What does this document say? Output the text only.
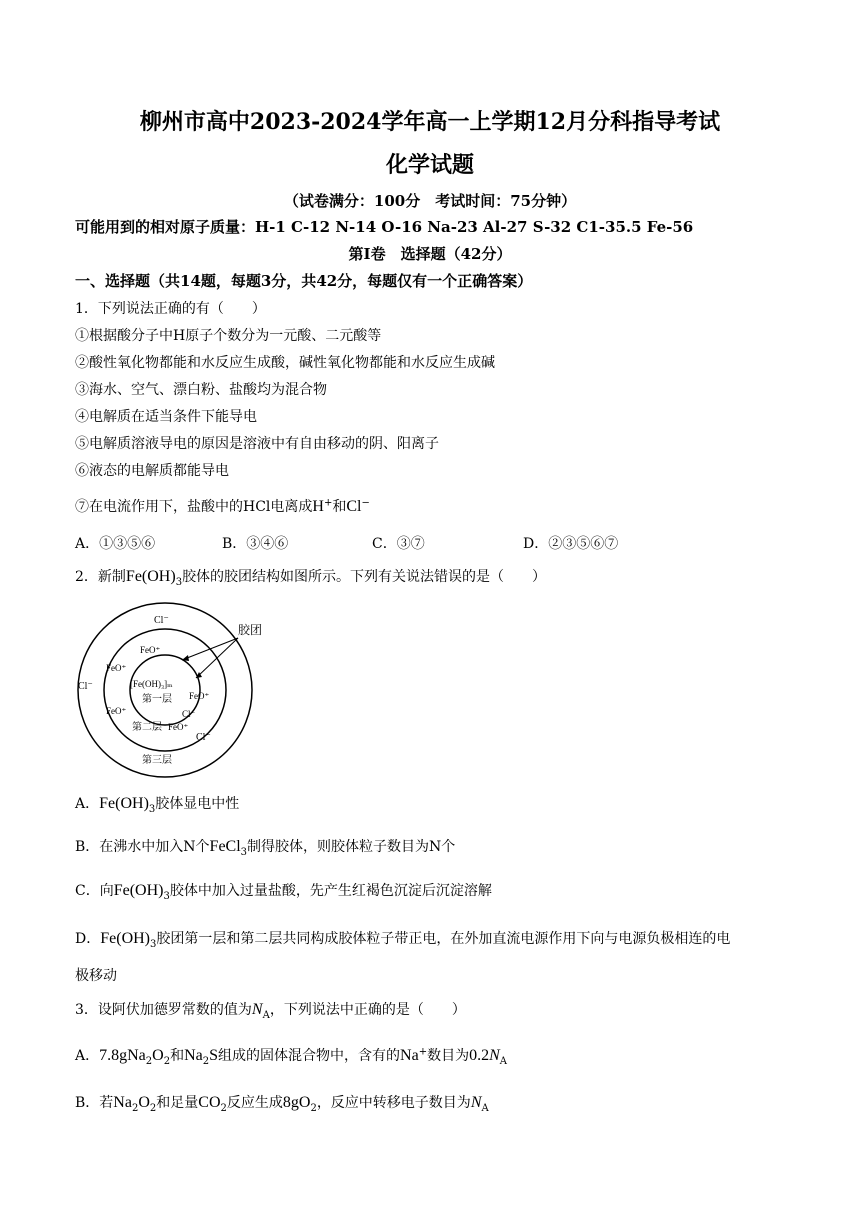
柳州市高中2023-2024学年高一上学期12月分科指导考试
化学试题
（试卷满分：100分　考试时间：75分钟）
可能用到的相对原子质量：H-1 C-12 N-14 O-16 Na-23 Al-27 S-32 C1-35.5 Fe-56
第Ⅰ卷　选择题（42分）
一、选择题（共14题，每题3分，共42分，每题仅有一个正确答案）
1．下列说法正确的有（　　）
①根据酸分子中H原子个数分为一元酸、二元酸等
②酸性氧化物都能和水反应生成酸，碱性氧化物都能和水反应生成碱
③海水、空气、漂白粉、盐酸均为混合物
④电解质在适当条件下能导电
⑤电解质溶液导电的原因是溶液中有自由移动的阴、阳离子
⑥液态的电解质都能导电
⑦在电流作用下，盐酸中的HCl电离成H+和Cl−
A．①③⑤⑥	B．③④⑥	C．③⑦	D．②③⑤⑥⑦
2．新制$Fe(OH)_3$胶体的胶团结构如图所示。下列有关说法错误的是（　　）
胶团
Cl⁻
FeO⁺
FeO⁺
Cl⁻	[Fe(OH)₃]ₘ
第一层 FeO⁺
FeO⁺	Cl⁻
第二层 FeO⁺
Cl⁻
第三层
A．$Fe(OH)_3$胶体显电中性
B．在沸水中加入N个FeCl$_3$制得胶体，则胶体粒子数目为N个
C．向$Fe(OH)_3$胶体中加入过量盐酸，先产生红褐色沉淀后沉淀溶解
D．$Fe(OH)_3$胶团第一层和第二层共同构成胶体粒子带正电，在外加直流电源作用下向与电源负极相连的电
极移动
3．设阿伏加德罗常数的值为$N_A$，下列说法中正确的是（　　）
A．$7.8gNa_2O_2$和$Na_2S$组成的固体混合物中，含有的Na+数目为$0.2N_A$
B．若$Na_2O_2$和足量$CO_2$反应生成$8gO_2$，反应中转移电子数目为$N_A$
